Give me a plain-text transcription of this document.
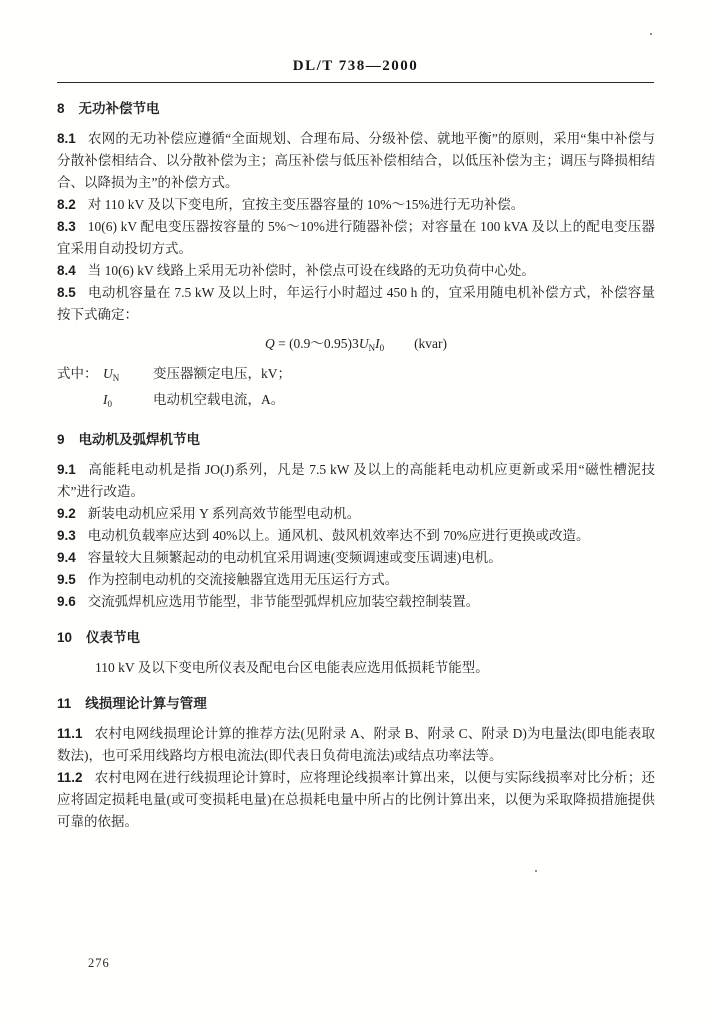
DL/T 738—2000
8 无功补偿节电

8.1 农网的无功补偿应遵循“全面规划、合理布局、分级补偿、就地平衡”的原则，采用“集中补偿与分散补偿相结合、以分散补偿为主；高压补偿与低压补偿相结合，以低压补偿为主；调压与降损相结合、以降损为主”的补偿方式。

8.2 对 110 kV 及以下变电所，宜按主变压器容量的 10%～15%进行无功补偿。

8.3 10(6) kV 配电变压器按容量的 5%～10%进行随器补偿；对容量在 100 kVA 及以上的配电变压器宜采用自动投切方式。

8.4 当 10(6) kV 线路上采用无功补偿时，补偿点可设在线路的无功负荷中心处。

8.5 电动机容量在 7.5 kW 及以上时，年运行小时超过 450 h 的，宜采用随电机补偿方式，补偿容量按下式确定：

$Q = (0.9\sim 0.95)3U_NI_0$ (kvar)
式中： $U_N$	变压器额定电压，kV；
$I_0$	电动机空载电流，A。
9 电动机及弧焊机节电

9.1 高能耗电动机是指 JO(J)系列，凡是 7.5 kW 及以上的高能耗电动机应更新或采用“磁性槽泥技术”进行改造。

9.2 新装电动机应采用 Y 系列高效节能型电动机。

9.3 电动机负载率应达到 40%以上。通风机、鼓风机效率达不到 70%应进行更换或改造。

9.4 容量较大且频繁起动的电动机宜采用调速(变频调速或变压调速)电机。

9.5 作为控制电动机的交流接触器宜选用无压运行方式。

9.6 交流弧焊机应选用节能型，非节能型弧焊机应加装空载控制装置。

10 仪表节电

110 kV 及以下变电所仪表及配电台区电能表应选用低损耗节能型。

11 线损理论计算与管理

11.1 农村电网线损理论计算的推荐方法(见附录 A、附录 B、附录 C、附录 D)为电量法(即电能表取数法)，也可采用线路均方根电流法(即代表日负荷电流法)或结点功率法等。

11.2 农村电网在进行线损理论计算时，应将理论线损率计算出来，以便与实际线损率对比分析；还应将固定损耗电量(或可变损耗电量)在总损耗电量中所占的比例计算出来，以便为采取降损措施提供可靠的依据。

276
